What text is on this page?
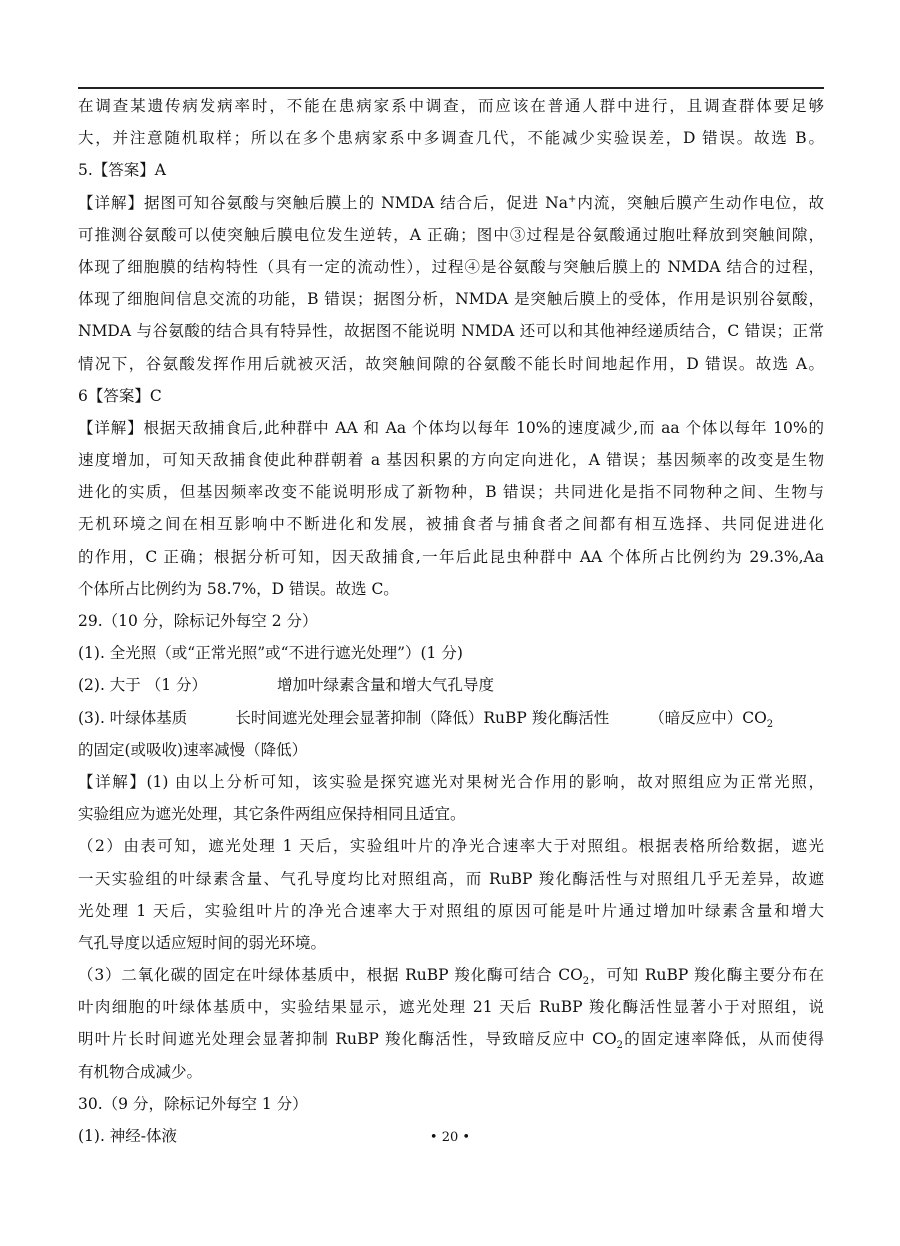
在调查某遗传病发病率时，不能在患病家系中调查，而应该在普通人群中进行，且调查群体要足够
大，并注意随机取样；所以在多个患病家系中多调查几代，不能减少实验误差，D 错误。故选 B。
5.【答案】A
【详解】据图可知谷氨酸与突触后膜上的 NMDA 结合后，促进 Na+内流，突触后膜产生动作电位，故
可推测谷氨酸可以使突触后膜电位发生逆转，A 正确；图中③过程是谷氨酸通过胞吐释放到突触间隙，
体现了细胞膜的结构特性（具有一定的流动性），过程④是谷氨酸与突触后膜上的 NMDA 结合的过程，
体现了细胞间信息交流的功能，B 错误；据图分析，NMDA 是突触后膜上的受体，作用是识别谷氨酸，
NMDA 与谷氨酸的结合具有特异性，故据图不能说明 NMDA 还可以和其他神经递质结合，C 错误；正常
情况下，谷氨酸发挥作用后就被灭活，故突触间隙的谷氨酸不能长时间地起作用，D 错误。故选 A。
6【答案】C
【详解】根据天敌捕食后,此种群中 AA 和 Aa 个体均以每年 10%的速度减少,而 aa 个体以每年 10%的
速度增加，可知天敌捕食使此种群朝着 a 基因积累的方向定向进化，A 错误；基因频率的改变是生物
进化的实质，但基因频率改变不能说明形成了新物种，B 错误；共同进化是指不同物种之间、生物与
无机环境之间在相互影响中不断进化和发展，被捕食者与捕食者之间都有相互选择、共同促进进化
的作用，C 正确；根据分析可知，因天敌捕食,一年后此昆虫种群中 AA 个体所占比例约为 29.3%,Aa
个体所占比例约为 58.7%，D 错误。故选 C。
29.（10 分，除标记外每空 2 分）
(1). 全光照（或“正常光照”或“不进行遮光处理”）(1 分)
(2). 大于 （1 分）	增加叶绿素含量和增大气孔导度
(3). 叶绿体基质	长时间遮光处理会显著抑制（降低）RuBP 羧化酶活性	（暗反应中）$CO_2$
的固定(或吸收)速率减慢（降低）
【详解】(1) 由以上分析可知，该实验是探究遮光对果树光合作用的影响，故对照组应为正常光照，
实验组应为遮光处理，其它条件两组应保持相同且适宜。
（2）由表可知，遮光处理 1 天后，实验组叶片的净光合速率大于对照组。根据表格所给数据，遮光
一天实验组的叶绿素含量、气孔导度均比对照组高，而 RuBP 羧化酶活性与对照组几乎无差异，故遮
光处理 1 天后，实验组叶片的净光合速率大于对照组的原因可能是叶片通过增加叶绿素含量和增大
气孔导度以适应短时间的弱光环境。
（3）二氧化碳的固定在叶绿体基质中，根据 RuBP 羧化酶可结合 $CO_2$，可知 RuBP 羧化酶主要分布在
叶肉细胞的叶绿体基质中，实验结果显示，遮光处理 21 天后 RuBP 羧化酶活性显著小于对照组，说
明叶片长时间遮光处理会显著抑制 RuBP 羧化酶活性，导致暗反应中 $CO_2$的固定速率降低，从而使得
有机物合成减少。
30.（9 分，除标记外每空 1 分）
(1). 神经-体液	• 20 •
